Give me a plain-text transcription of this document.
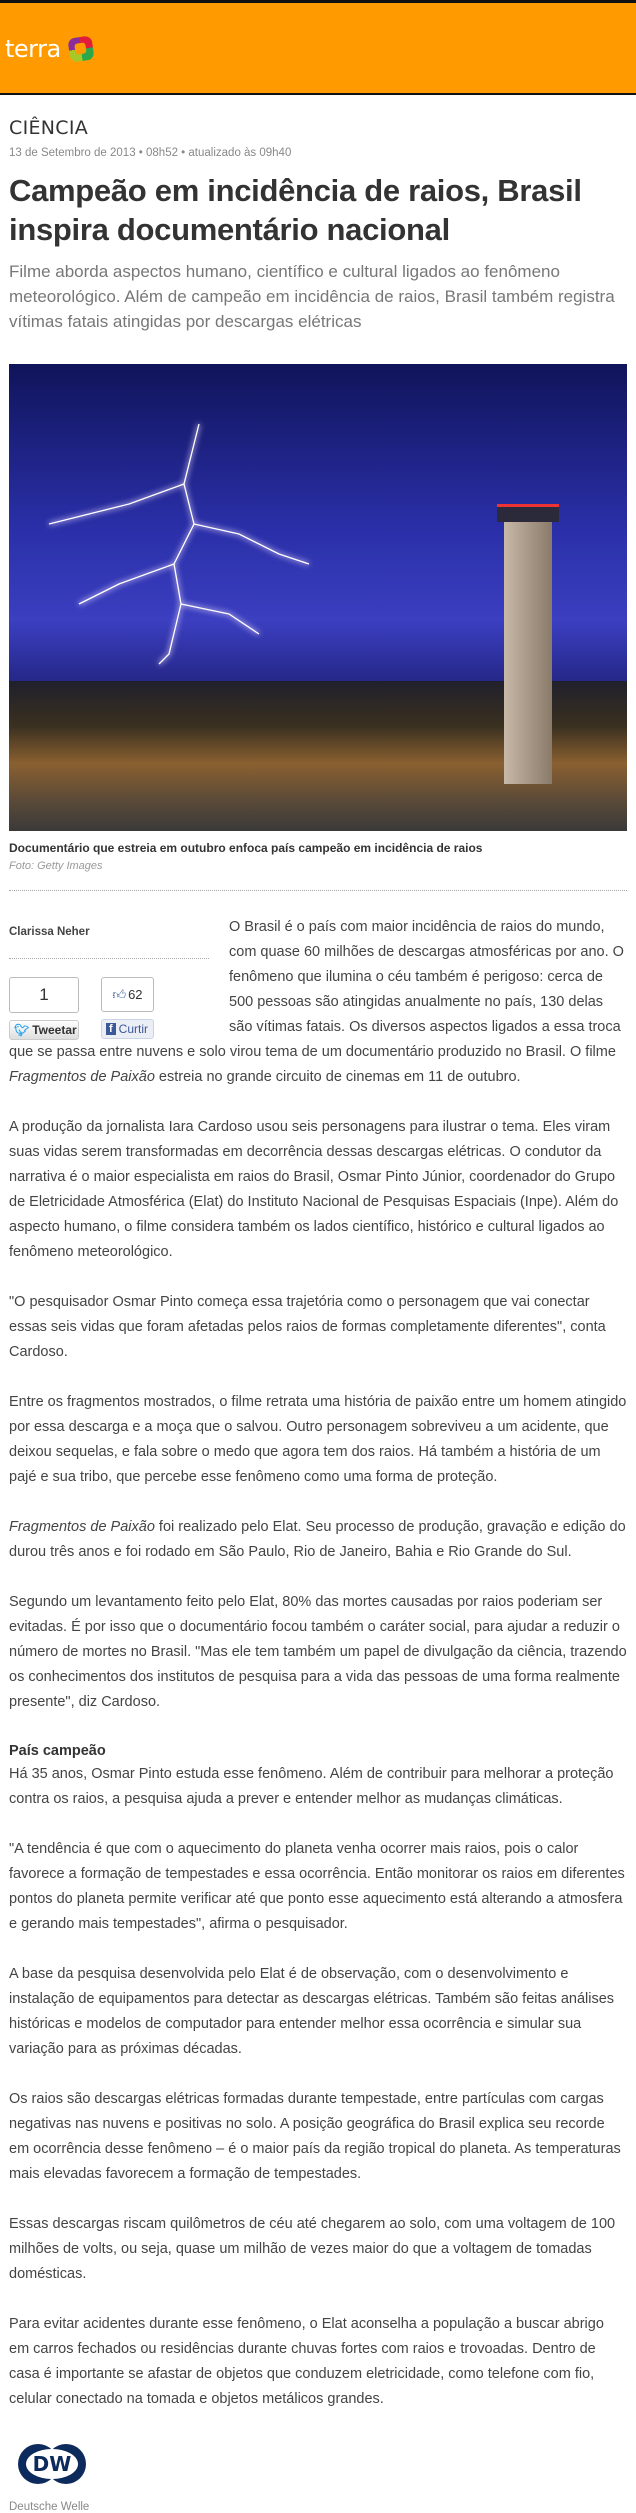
terra
CIÊNCIA
13 de Setembro de 2013 • 08h52 • atualizado às 09h40
Campeão em incidência de raios, Brasil inspira documentário nacional
Filme aborda aspectos humano, científico e cultural ligados ao fenômeno meteorológico. Além de campeão em incidência de raios, Brasil também registra vítimas fatais atingidas por descargas elétricas
Documentário que estreia em outubro enfoca país campeão em incidência de raios
Foto: Getty Images
Clarissa Neher
1
🐦︎ Tweetar
👍︎ 62
f Curtir

O Brasil é o país com maior incidência de raios do mundo, com quase 60 milhões de descargas atmosféricas por ano. O fenômeno que ilumina o céu também é perigoso: cerca de 500 pessoas são atingidas anualmente no país, 130 delas são vítimas fatais. Os diversos aspectos ligados a essa troca que se passa entre nuvens e solo virou tema de um documentário produzido no Brasil. O filme Fragmentos de Paixão estreia no grande circuito de cinemas em 11 de outubro.

A produção da jornalista Iara Cardoso usou seis personagens para ilustrar o tema. Eles viram suas vidas serem transformadas em decorrência dessas descargas elétricas. O condutor da narrativa é o maior especialista em raios do Brasil, Osmar Pinto Júnior, coordenador do Grupo de Eletricidade Atmosférica (Elat) do Instituto Nacional de Pesquisas Espaciais (Inpe). Além do aspecto humano, o filme considera também os lados científico, histórico e cultural ligados ao fenômeno meteorológico.

"O pesquisador Osmar Pinto começa essa trajetória como o personagem que vai conectar essas seis vidas que foram afetadas pelos raios de formas completamente diferentes", conta Cardoso.

Entre os fragmentos mostrados, o filme retrata uma história de paixão entre um homem atingido por essa descarga e a moça que o salvou. Outro personagem sobreviveu a um acidente, que deixou sequelas, e fala sobre o medo que agora tem dos raios. Há também a história de um pajé e sua tribo, que percebe esse fenômeno como uma forma de proteção.

Fragmentos de Paixão foi realizado pelo Elat. Seu processo de produção, gravação e edição do durou três anos e foi rodado em São Paulo, Rio de Janeiro, Bahia e Rio Grande do Sul.

Segundo um levantamento feito pelo Elat, 80% das mortes causadas por raios poderiam ser evitadas. É por isso que o documentário focou também o caráter social, para ajudar a reduzir o número de mortes no Brasil. "Mas ele tem também um papel de divulgação da ciência, trazendo os conhecimentos dos institutos de pesquisa para a vida das pessoas de uma forma realmente presente", diz Cardoso.

País campeão

Há 35 anos, Osmar Pinto estuda esse fenômeno. Além de contribuir para melhorar a proteção contra os raios, a pesquisa ajuda a prever e entender melhor as mudanças climáticas.

"A tendência é que com o aquecimento do planeta venha ocorrer mais raios, pois o calor favorece a formação de tempestades e essa ocorrência. Então monitorar os raios em diferentes pontos do planeta permite verificar até que ponto esse aquecimento está alterando a atmosfera e gerando mais tempestades", afirma o pesquisador.

A base da pesquisa desenvolvida pelo Elat é de observação, com o desenvolvimento e instalação de equipamentos para detectar as descargas elétricas. Também são feitas análises históricas e modelos de computador para entender melhor essa ocorrência e simular sua variação para as próximas décadas.

Os raios são descargas elétricas formadas durante tempestade, entre partículas com cargas negativas nas nuvens e positivas no solo. A posição geográfica do Brasil explica seu recorde em ocorrência desse fenômeno – é o maior país da região tropical do planeta. As temperaturas mais elevadas favorecem a formação de tempestades.

Essas descargas riscam quilômetros de céu até chegarem ao solo, com uma voltagem de 100 milhões de volts, ou seja, quase um milhão de vezes maior do que a voltagem de tomadas domésticas.

Para evitar acidentes durante esse fenômeno, o Elat aconselha a população a buscar abrigo em carros fechados ou residências durante chuvas fortes com raios e trovoadas. Dentro de casa é importante se afastar de objetos que conduzem eletricidade, como telefone com fio, celular conectado na tomada e objetos metálicos grandes.

DW
Deutsche Welle
